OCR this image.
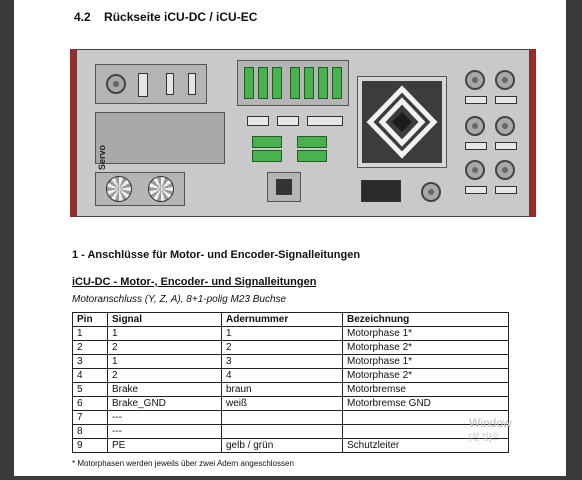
4.2 Rückseite iCU-DC / iCU-EC
Servo
1 - Anschlüsse für Motor- und Encoder-Signalleitungen
iCU-DC - Motor-, Encoder- und Signalleitungen
Motoranschluss (Y, Z, A), 8+1-polig M23 Buchse
Pin	Signal	Adernummer	Bezeichnung
1	1	1	Motorphase 1*
2	2	2	Motorphase 2*
3	1	3	Motorphase 1*
4	2	4	Motorphase 2*
5	Brake	braun	Motorbremse
6	Brake_GND	weiß	Motorbremse GND
7	---		
8	---		
9	PE	gelb / grün	Schutzleiter
* Motorphasen werden jeweils über zwei Adern angeschlossen
Window
[설정]으
